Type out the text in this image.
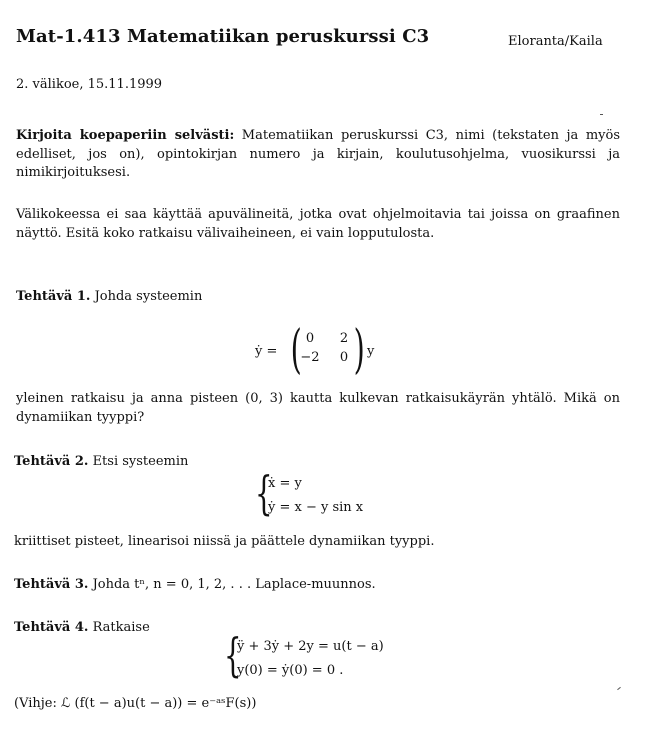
Mat-1.413 Matematiikan peruskurssi C3	Eloranta/Kaila
2. välikoe, 15.11.1999
Kirjoita koepaperiin selvästi: Matematiikan peruskurssi C3, nimi (tekstaten ja myös edelliset, jos on), opintokirjan numero ja kirjain, koulutusohjelma, vuosikurssi ja nimikirjoituksesi.
Välikokeessa ei saa käyttää apuvälineitä, jotka ovat ohjelmoitavia tai joissa on graafinen näyttö. Esitä koko ratkaisu välivaiheineen, ei vain lopputulosta.
Tehtävä 1. Johda systeemin
ẏ = ( 0	2
−2	0 ) y
yleinen ratkaisu ja anna pisteen (0, 3) kautta kulkevan ratkaisukäyrän yhtälö. Mikä on dynamiikan tyyppi?
Tehtävä 2. Etsi systeemin
{
ẋ = y
ẏ = x − y sin x
kriittiset pisteet, linearisoi niissä ja päättele dynamiikan tyyppi.
Tehtävä 3. Johda tⁿ, n = 0, 1, 2, . . . Laplace-muunnos.
Tehtävä 4. Ratkaise
{
ÿ + 3ẏ + 2y = u(t − a)
y(0) = ẏ(0) = 0 .
(Vihje: ℒ (f(t − a)u(t − a)) = e⁻ᵃˢF(s))
